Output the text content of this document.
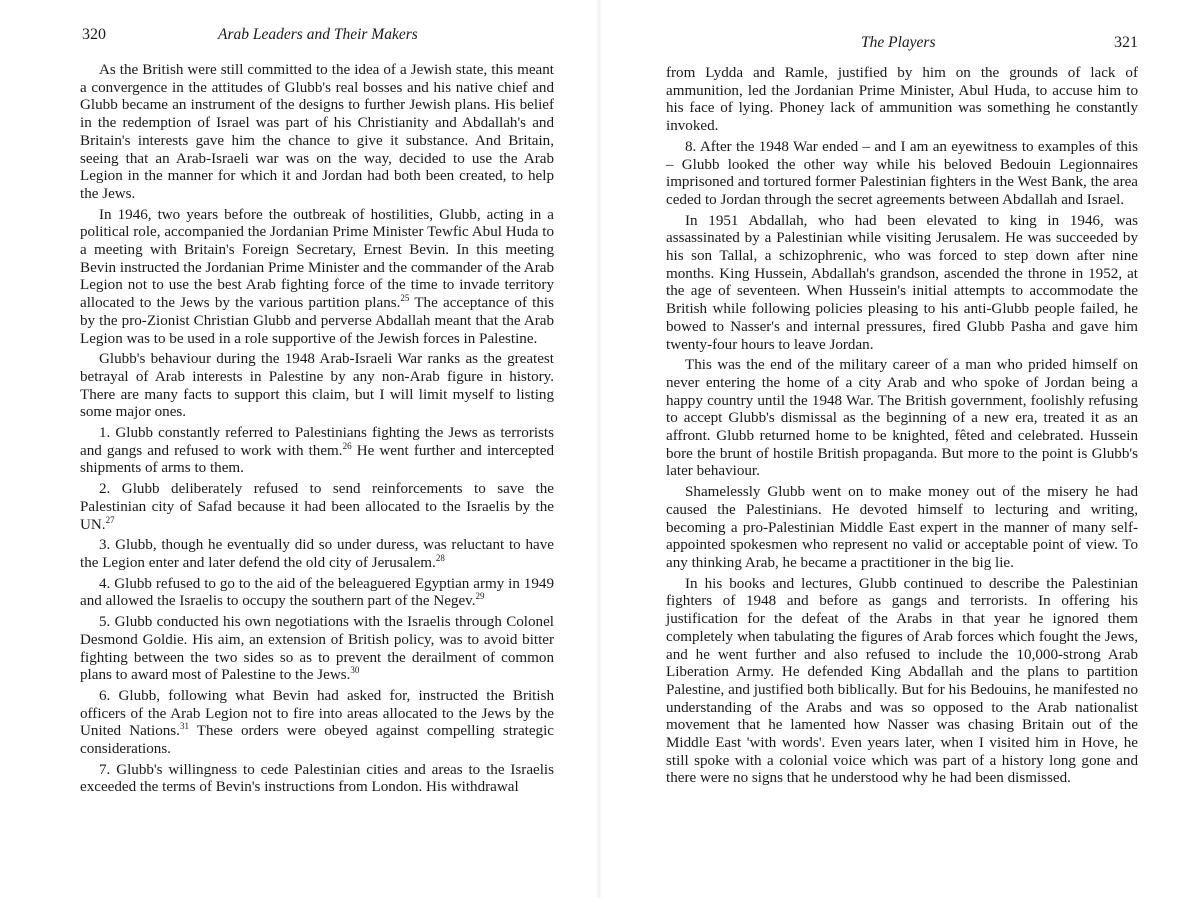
320	Arab Leaders and Their Makers

As the British were still committed to the idea of a Jewish state, this meant a convergence in the attitudes of Glubb's real bosses and his native chief and Glubb became an instrument of the designs to further Jewish plans. His belief in the redemption of Israel was part of his Christianity and Abdallah's and Britain's interests gave him the chance to give it substance. And Britain, seeing that an Arab-Israeli war was on the way, decided to use the Arab Legion in the manner for which it and Jordan had both been created, to help the Jews.

In 1946, two years before the outbreak of hostilities, Glubb, acting in a political role, accompanied the Jordanian Prime Minister Tewfic Abul Huda to a meeting with Britain's Foreign Secretary, Ernest Bevin. In this meeting Bevin instructed the Jordanian Prime Minister and the commander of the Arab Legion not to use the best Arab fighting force of the time to invade territory allocated to the Jews by the various partition plans.$^{25}$ The acceptance of this by the pro-Zionist Christian Glubb and perverse Abdallah meant that the Arab Legion was to be used in a role supportive of the Jewish forces in Palestine.

Glubb's behaviour during the 1948 Arab-Israeli War ranks as the greatest betrayal of Arab interests in Palestine by any non-Arab figure in history. There are many facts to support this claim, but I will limit myself to listing some major ones.

1. Glubb constantly referred to Palestinians fighting the Jews as terrorists and gangs and refused to work with them.$^{26}$ He went further and intercepted shipments of arms to them.

2. Glubb deliberately refused to send reinforcements to save the Palestinian city of Safad because it had been allocated to the Israelis by the UN.$^{27}$

3. Glubb, though he eventually did so under duress, was reluctant to have the Legion enter and later defend the old city of Jerusalem.$^{28}$

4. Glubb refused to go to the aid of the beleaguered Egyptian army in 1949 and allowed the Israelis to occupy the southern part of the Negev.$^{29}$

5. Glubb conducted his own negotiations with the Israelis through Colonel Desmond Goldie. His aim, an extension of British policy, was to avoid bitter fighting between the two sides so as to prevent the derailment of common plans to award most of Palestine to the Jews.$^{30}$

6. Glubb, following what Bevin had asked for, instructed the British officers of the Arab Legion not to fire into areas allocated to the Jews by the United Nations.$^{31}$ These orders were obeyed against compelling strategic considerations.

7. Glubb's willingness to cede Palestinian cities and areas to the Israelis exceeded the terms of Bevin's instructions from London. His withdrawal

The Players	321

from Lydda and Ramle, justified by him on the grounds of lack of ammunition, led the Jordanian Prime Minister, Abul Huda, to accuse him to his face of lying. Phoney lack of ammunition was something he constantly invoked.

8. After the 1948 War ended – and I am an eyewitness to examples of this – Glubb looked the other way while his beloved Bedouin Legionnaires imprisoned and tortured former Palestinian fighters in the West Bank, the area ceded to Jordan through the secret agreements between Abdallah and Israel.

In 1951 Abdallah, who had been elevated to king in 1946, was assassinated by a Palestinian while visiting Jerusalem. He was succeeded by his son Tallal, a schizophrenic, who was forced to step down after nine months. King Hussein, Abdallah's grandson, ascended the throne in 1952, at the age of seventeen. When Hussein's initial attempts to accommodate the British while following policies pleasing to his anti-Glubb people failed, he bowed to Nasser's and internal pressures, fired Glubb Pasha and gave him twenty-four hours to leave Jordan.

This was the end of the military career of a man who prided himself on never entering the home of a city Arab and who spoke of Jordan being a happy country until the 1948 War. The British government, foolishly refusing to accept Glubb's dismissal as the beginning of a new era, treated it as an affront. Glubb returned home to be knighted, fêted and celebrated. Hussein bore the brunt of hostile British propaganda. But more to the point is Glubb's later behaviour.

Shamelessly Glubb went on to make money out of the misery he had caused the Palestinians. He devoted himself to lecturing and writing, becoming a pro-Palestinian Middle East expert in the manner of many self-appointed spokesmen who represent no valid or acceptable point of view. To any thinking Arab, he became a practitioner in the big lie.

In his books and lectures, Glubb continued to describe the Palestinian fighters of 1948 and before as gangs and terrorists. In offering his justification for the defeat of the Arabs in that year he ignored them completely when tabulating the figures of Arab forces which fought the Jews, and he went further and also refused to include the 10,000-strong Arab Liberation Army. He defended King Abdallah and the plans to partition Palestine, and justified both biblically. But for his Bedouins, he manifested no understanding of the Arabs and was so opposed to the Arab nationalist movement that he lamented how Nasser was chasing Britain out of the Middle East 'with words'. Even years later, when I visited him in Hove, he still spoke with a colonial voice which was part of a history long gone and there were no signs that he understood why he had been dismissed.
